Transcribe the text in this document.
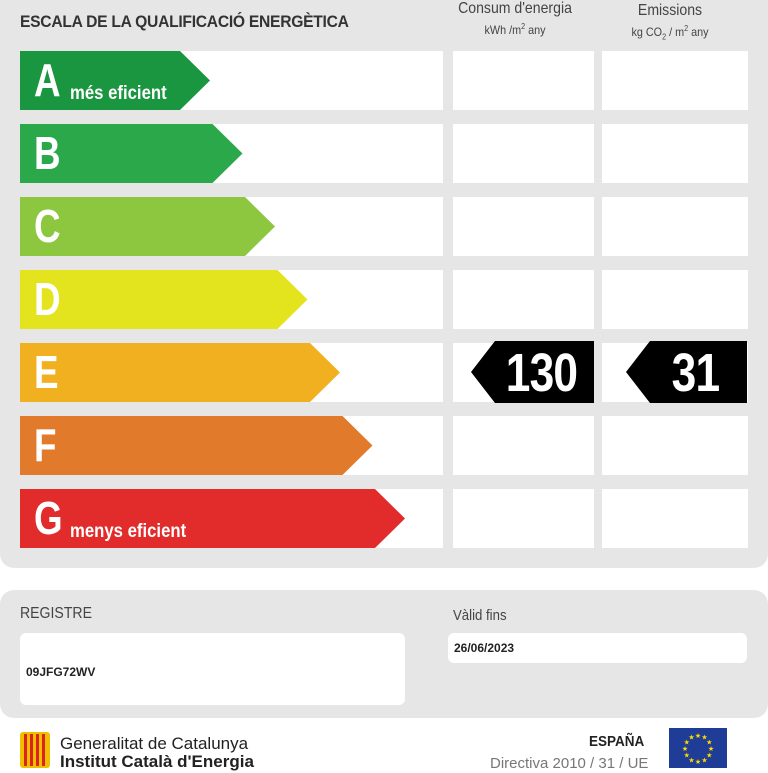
ESCALA DE LA QUALIFICACIÓ ENERGÈTICA
Consum d'energia
kWh $/m^2$ any
Emissions
kg $CO_2 / m^2$ any
A més eficient
B
C
D
E	130 31
F
G menys eficient
REGISTRE
09JFG72WV
Vàlid fins
26/06/2023
Generalitat de Catalunya
Institut Català d'Energia
ESPAÑA
Directiva 2010 / 31 / UE
★ ★
★
★
★
★
★
★
★
★
★
★
